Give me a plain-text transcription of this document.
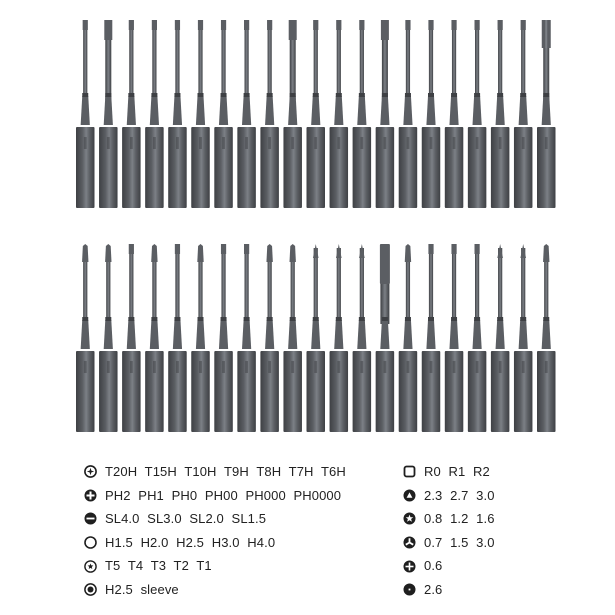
T20H T15H T10H T9H T8H T7H T6H
PH2 PH1 PH0 PH00 PH000 PH0000
SL4.0 SL3.0 SL2.0 SL1.5
H1.5 H2.0 H2.5 H3.0 H4.0
T5 T4 T3 T2 T1
H2.5 sleeve
R0 R1 R2
2.3 2.7 3.0
0.8 1.2 1.6
0.7 1.5 3.0
0.6
2.6
